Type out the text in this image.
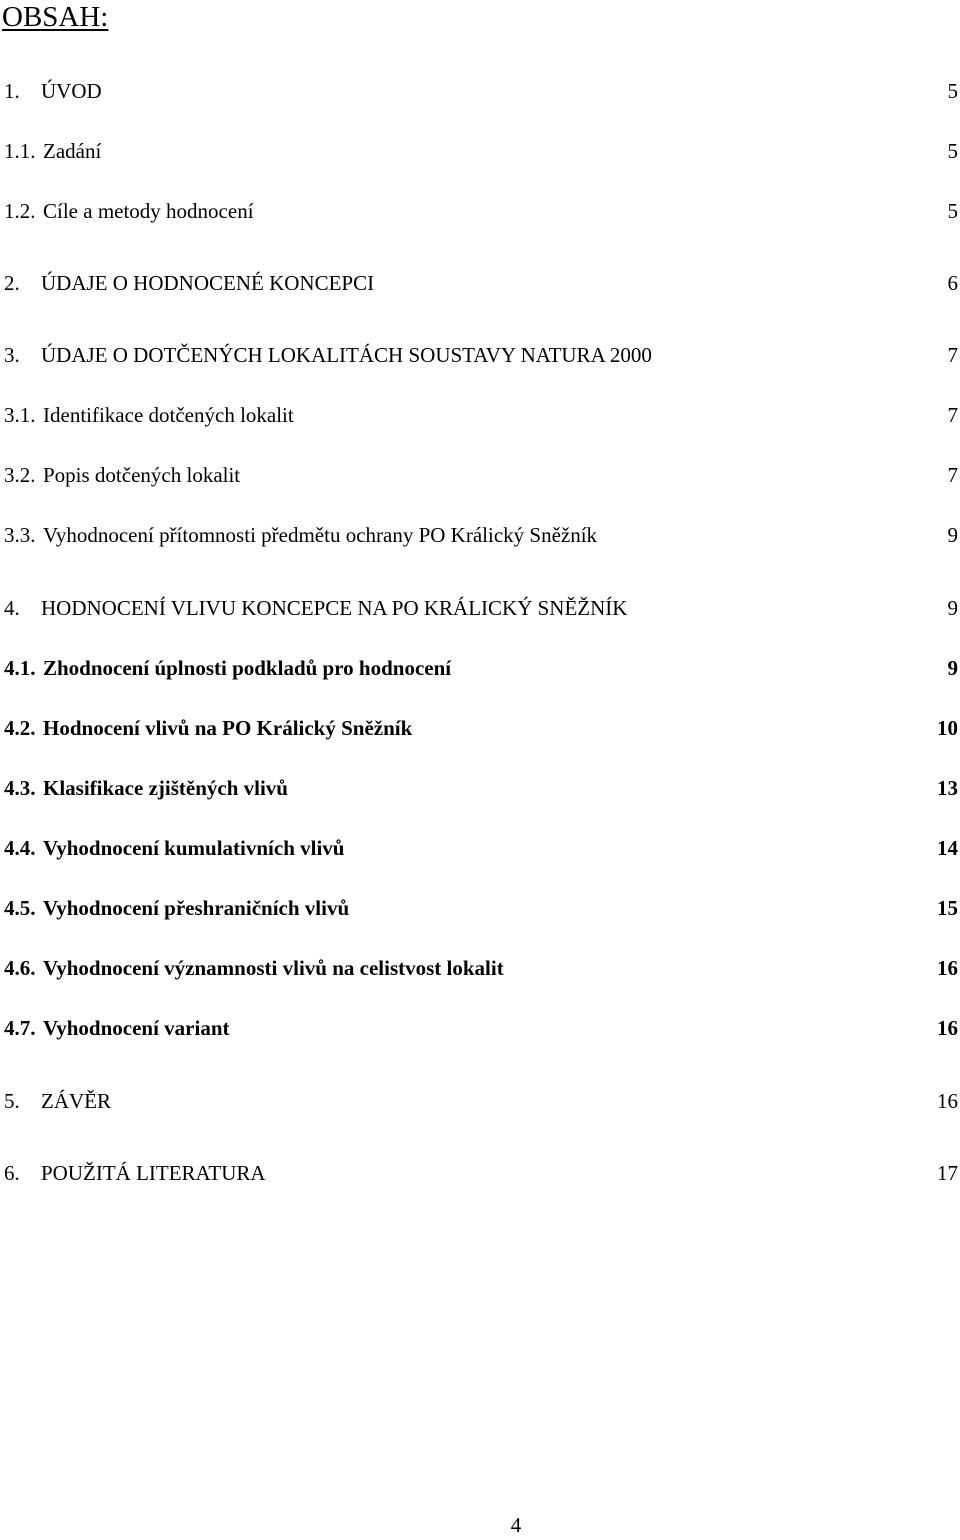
OBSAH:
1. ÚVOD	5
1.1. Zadání	5
1.2. Cíle a metody hodnocení	5
2. ÚDAJE O HODNOCENÉ KONCEPCI	6
3. ÚDAJE O DOTČENÝCH LOKALITÁCH SOUSTAVY NATURA 2000	7
3.1. Identifikace dotčených lokalit	7
3.2. Popis dotčených lokalit	7
3.3. Vyhodnocení přítomnosti předmětu ochrany PO Králický Sněžník	9
4. HODNOCENÍ VLIVU KONCEPCE NA PO KRÁLICKÝ SNĚŽNÍK	9
4.1. Zhodnocení úplnosti podkladů pro hodnocení	9
4.2. Hodnocení vlivů na PO Králický Sněžník	10
4.3. Klasifikace zjištěných vlivů	13
4.4. Vyhodnocení kumulativních vlivů	14
4.5. Vyhodnocení přeshraničních vlivů	15
4.6. Vyhodnocení významnosti vlivů na celistvost lokalit	16
4.7. Vyhodnocení variant	16
5. ZÁVĚR	16
6. POUŽITÁ LITERATURA	17
4
